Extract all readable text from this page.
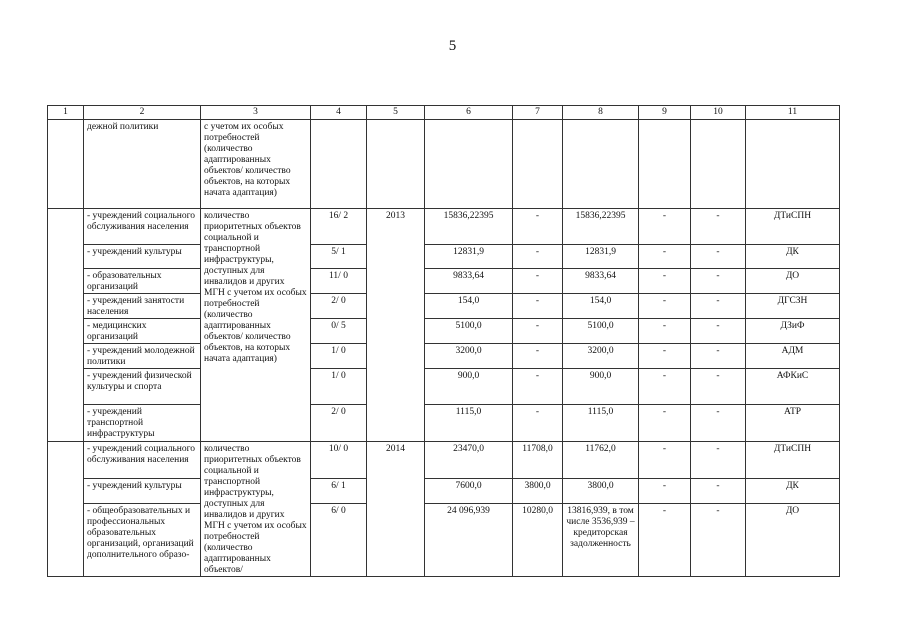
5
1	2	3	4	5	6	7	8	9	10	11
	дежной политики	с учетом их особых потребностей (количество адаптированных объектов/ количество объектов, на которых начата адаптация)								
	- учреждений социального обслуживания населения	количество приоритетных объектов социальной и транспортной инфраструктуры, доступных для инвалидов и других МГН с учетом их особых потребностей (количество адаптированных объектов/ количество объектов, на которых начата адаптация)	16/ 2	2013	15836,22395	-	15836,22395	-	-	ДТиСПН
	- учреждений культуры		5/ 1		12831,9	-	12831,9	-	-	ДК
	- образовательных организаций		11/ 0		9833,64	-	9833,64	-	-	ДО
	- учреждений занятости населения		2/ 0		154,0	-	154,0	-	-	ДГСЗН
	- медицинских организаций		0/ 5		5100,0	-	5100,0	-	-	ДЗиФ
	- учреждений молодежной политики		1/ 0		3200,0	-	3200,0	-	-	АДМ
	- учреждений физической культуры и спорта		1/ 0		900,0	-	900,0	-	-	АФКиС
	- учреждений транспортной инфраструктуры		2/ 0		1115,0	-	1115,0	-	-	АТР
	- учреждений социального обслуживания населения	количество приоритетных объектов социальной и транспортной инфраструктуры, доступных для инвалидов и других МГН с учетом их особых потребностей (количество адаптированных объектов/	10/ 0	2014	23470,0	11708,0	11762,0	-	-	ДТиСПН
	- учреждений культуры		6/ 1		7600,0	3800,0	3800,0	-	-	ДК
	- общеобразовательных и профессиональных образовательных организаций, организаций дополнительного образо-		6/ 0		24 096,939	10280,0	13816,939, в том числе 3536,939 – кредиторская задолженность	-	-	ДО
